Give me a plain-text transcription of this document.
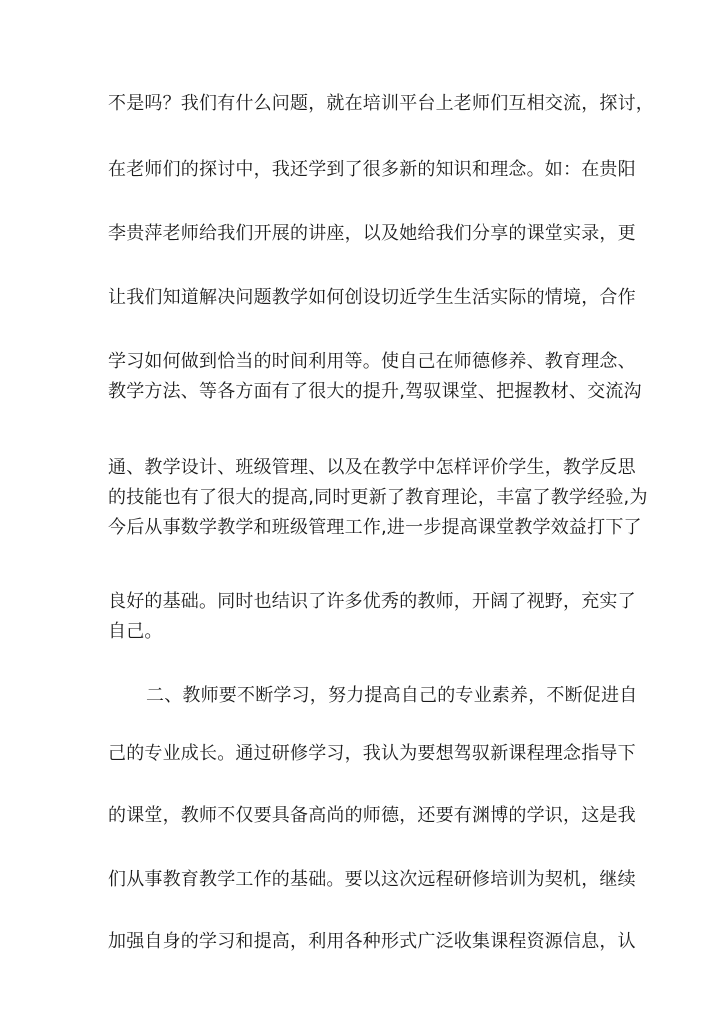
不是吗？我们有什么问题，就在培训平台上老师们互相交流，探讨，
在老师们的探讨中，我还学到了很多新的知识和理念。如：在贵阳
李贵萍老师给我们开展的讲座，以及她给我们分享的课堂实录，更
让我们知道解决问题教学如何创设切近学生生活实际的情境，合作
学习如何做到恰当的时间利用等。使自己在师德修养、教育理念、
教学方法、等各方面有了很大的提升,驾驭课堂、把握教材、交流沟
通、教学设计、班级管理、以及在教学中怎样评价学生，教学反思
的技能也有了很大的提高,同时更新了教育理论，丰富了教学经验,为
今后从事数学教学和班级管理工作,进一步提高课堂教学效益打下了
良好的基础。同时也结识了许多优秀的教师，开阔了视野，充实了
自己。
二、教师要不断学习，努力提高自己的专业素养，不断促进自
己的专业成长。通过研修学习，我认为要想驾驭新课程理念指导下
的课堂，教师不仅要具备高尚的师德，还要有渊博的学识，这是我
们从事教育教学工作的基础。要以这次远程研修培训为契机，继续
加强自身的学习和提高，利用各种形式广泛收集课程资源信息，认
